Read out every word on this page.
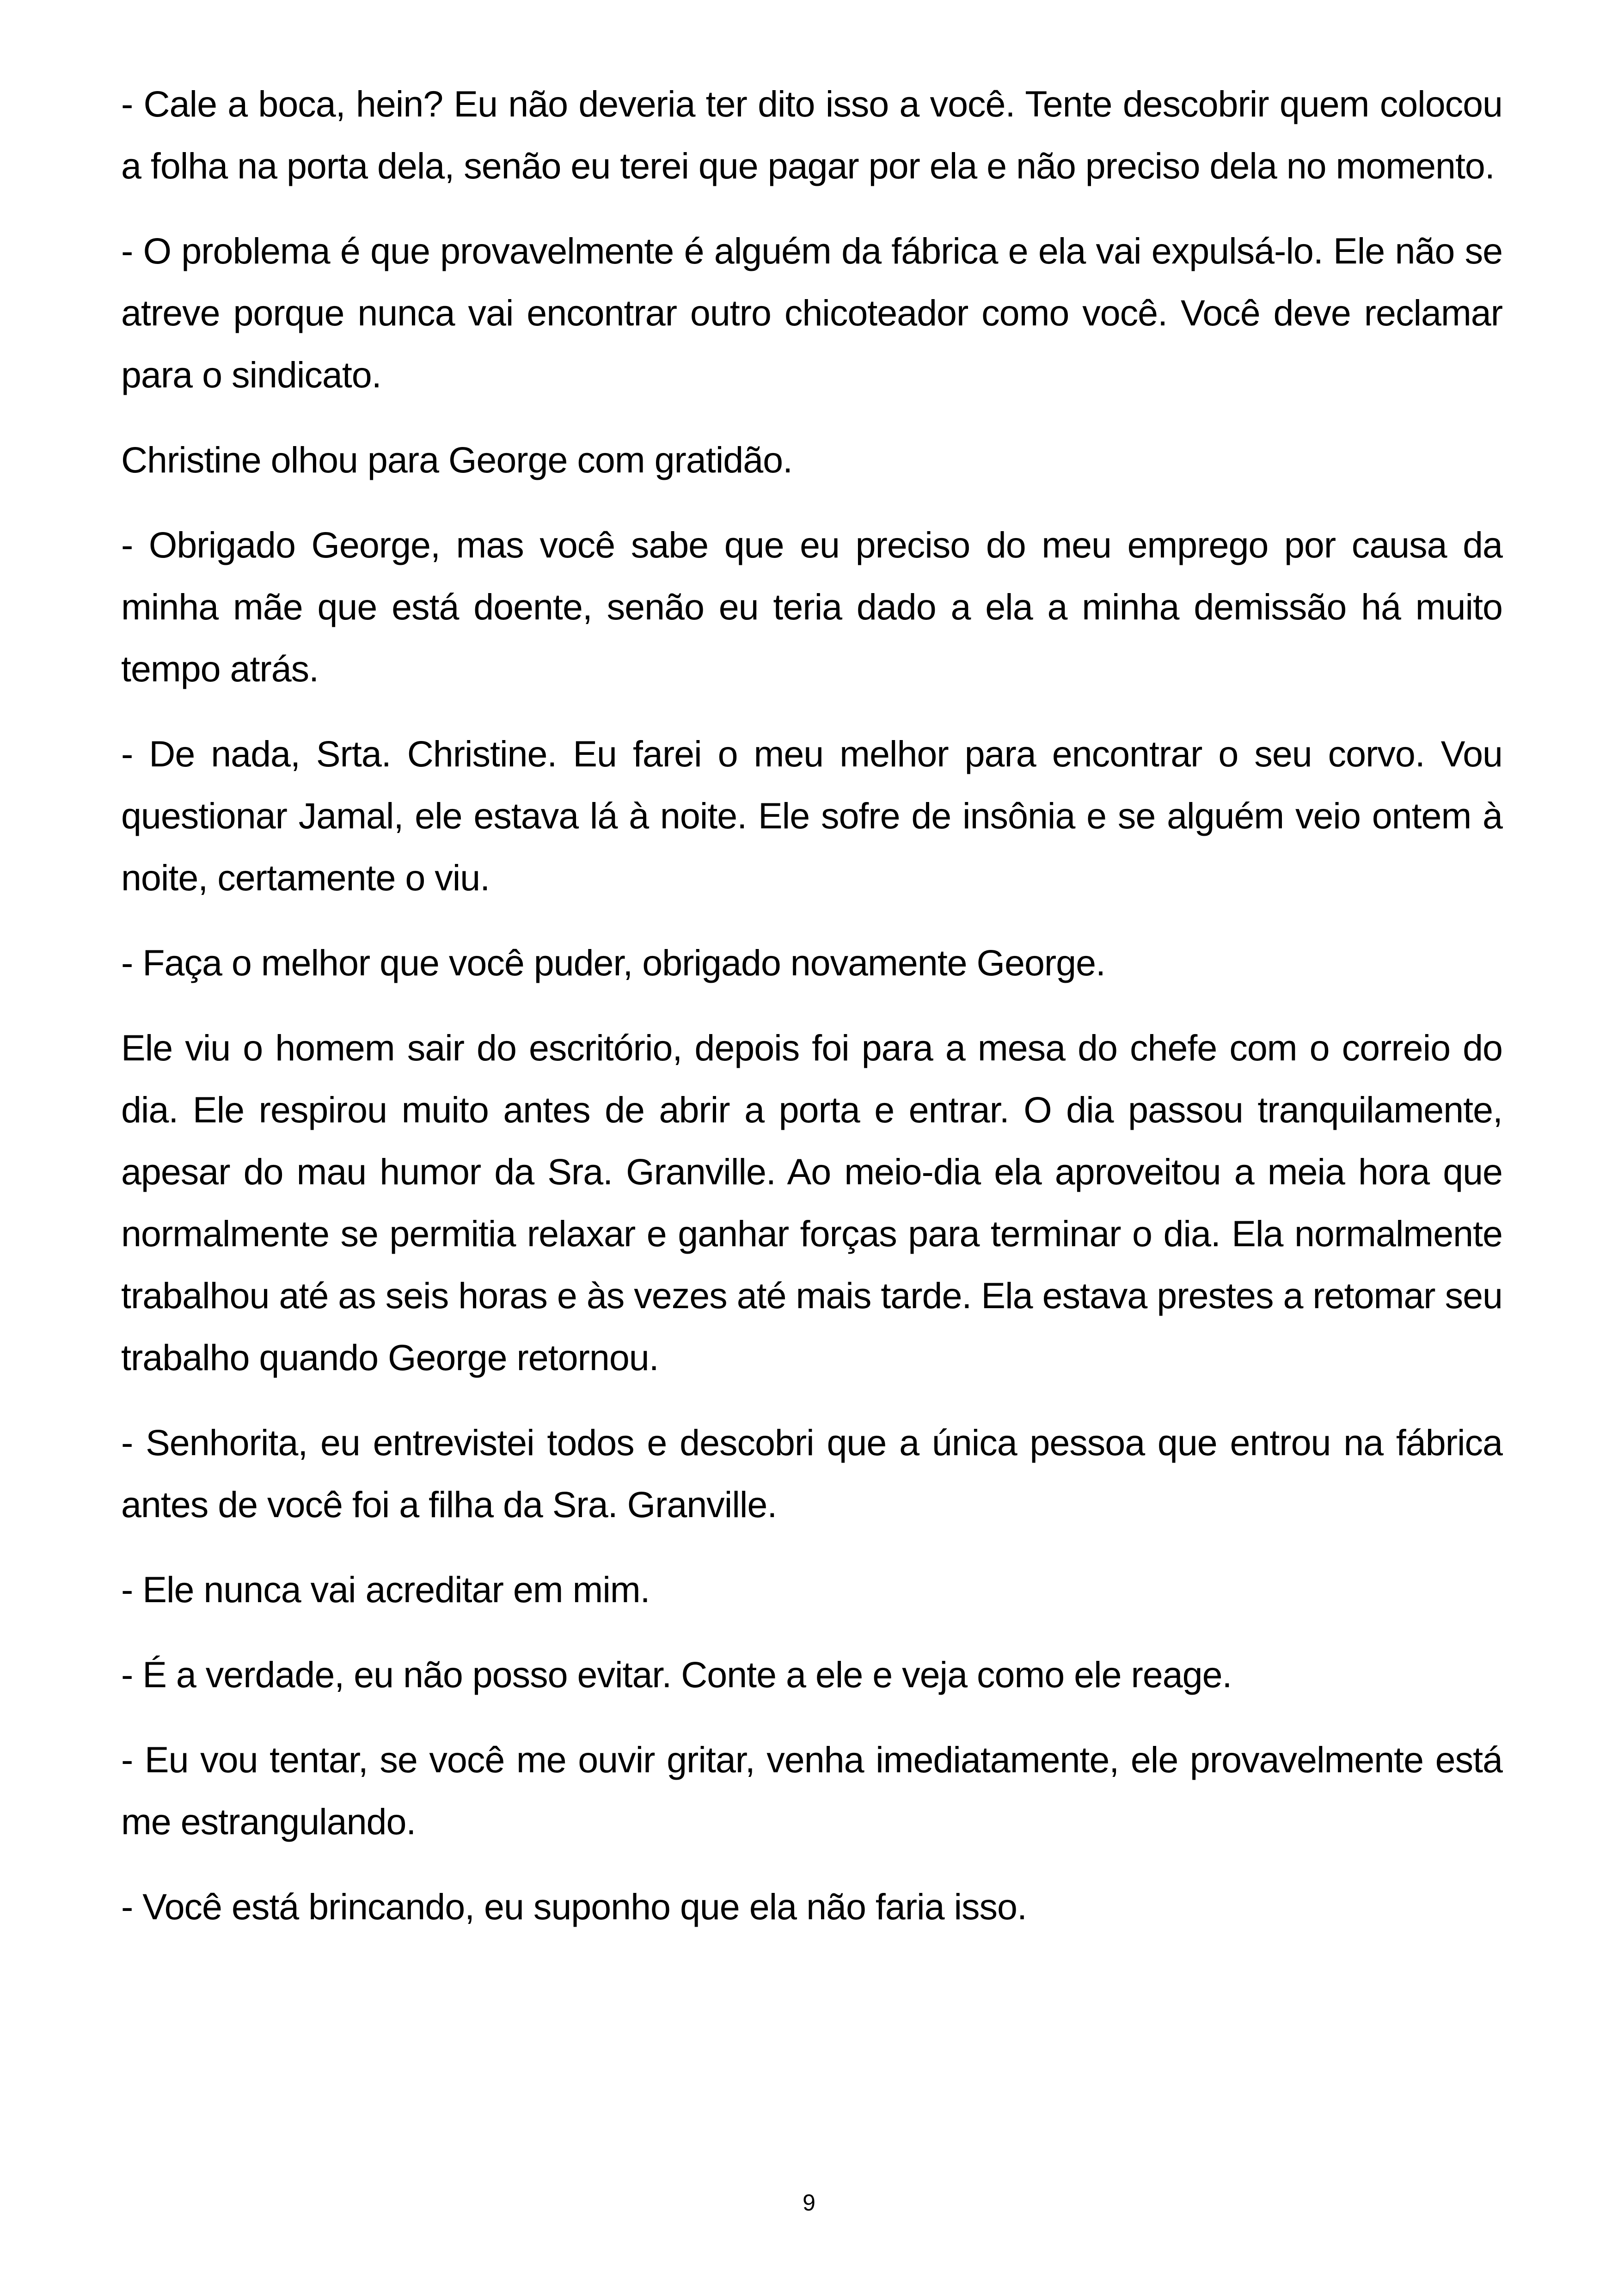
- Cale a boca, hein? Eu não deveria ter dito isso a você. Tente descobrir quem colocou a folha na porta dela, senão eu terei que pagar por ela e não preciso dela no momento.

- O problema é que provavelmente é alguém da fábrica e ela vai expulsá-lo. Ele não se atreve porque nunca vai encontrar outro chicoteador como você. Você deve reclamar para o sindicato.

Christine olhou para George com gratidão.

- Obrigado George, mas você sabe que eu preciso do meu emprego por causa da minha mãe que está doente, senão eu teria dado a ela a minha demissão há muito tempo atrás.

- De nada, Srta. Christine. Eu farei o meu melhor para encontrar o seu corvo. Vou questionar Jamal, ele estava lá à noite. Ele sofre de insônia e se alguém veio ontem à noite, certamente o viu.

- Faça o melhor que você puder, obrigado novamente George.

Ele viu o homem sair do escritório, depois foi para a mesa do chefe com o correio do dia. Ele respirou muito antes de abrir a porta e entrar. O dia passou tranquilamente, apesar do mau humor da Sra. Granville. Ao meio-dia ela aproveitou a meia hora que normalmente se permitia relaxar e ganhar forças para terminar o dia. Ela normalmente trabalhou até as seis horas e às vezes até mais tarde. Ela estava prestes a retomar seu trabalho quando George retornou.

- Senhorita, eu entrevistei todos e descobri que a única pessoa que entrou na fábrica antes de você foi a filha da Sra. Granville.

- Ele nunca vai acreditar em mim.

- É a verdade, eu não posso evitar. Conte a ele e veja como ele reage.

- Eu vou tentar, se você me ouvir gritar, venha imediatamente, ele provavelmente está me estrangulando.

- Você está brincando, eu suponho que ela não faria isso.

9
